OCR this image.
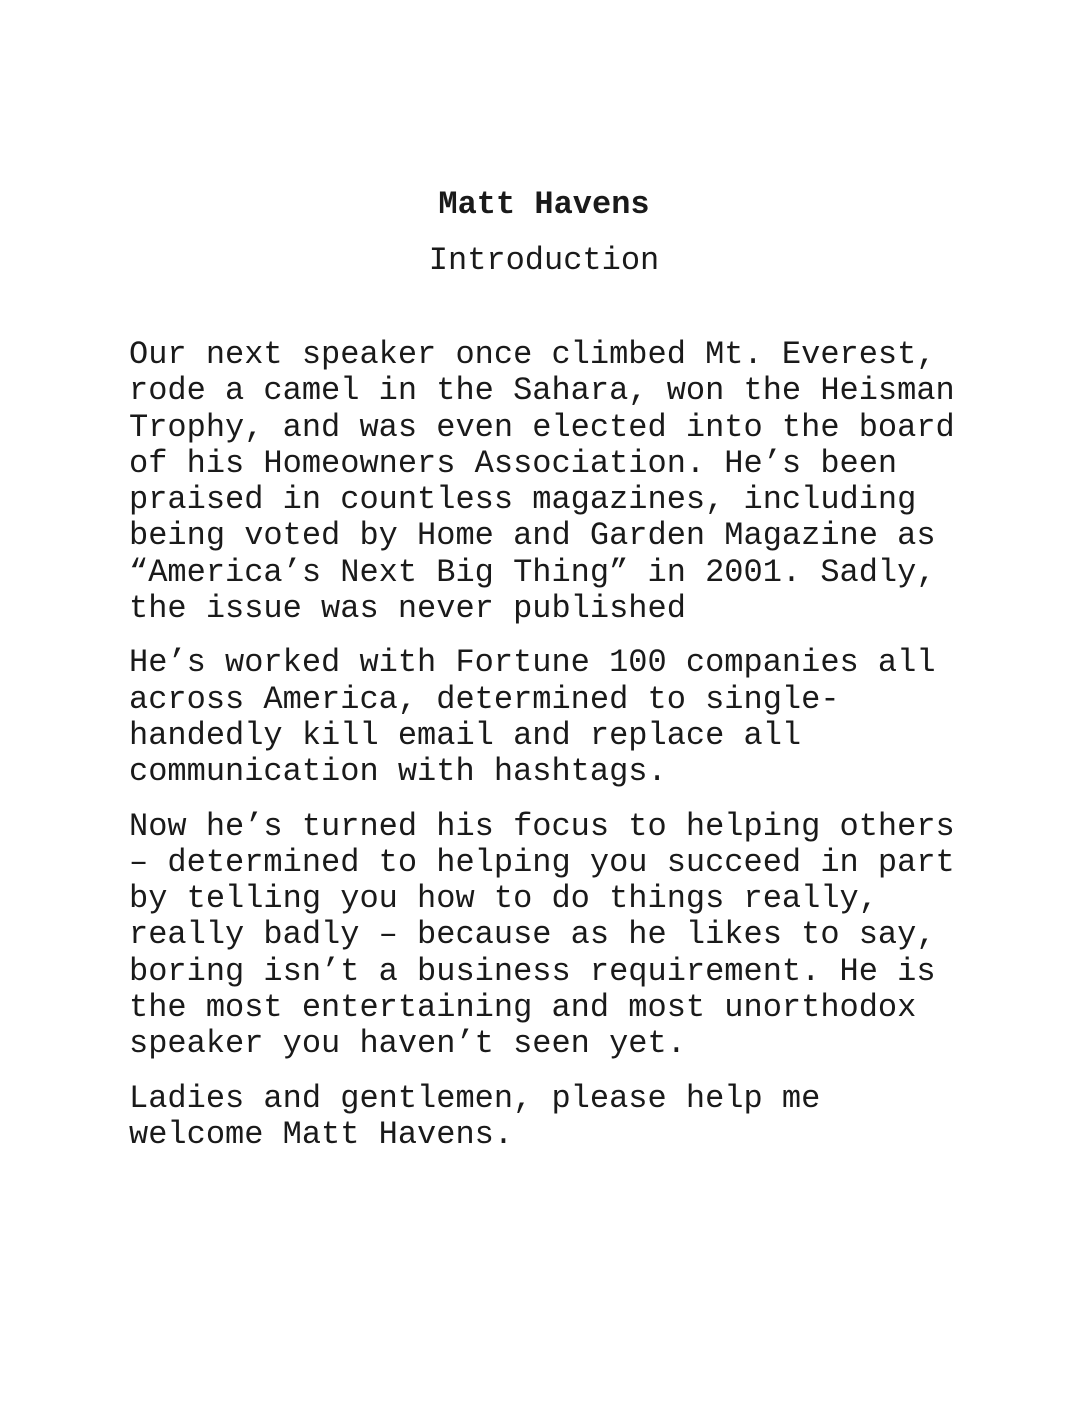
Matt Havens
Introduction

Our next speaker once climbed Mt. Everest,
rode a camel in the Sahara, won the Heisman
Trophy, and was even elected into the board
of his Homeowners Association. He’s been
praised in countless magazines, including
being voted by Home and Garden Magazine as
“America’s Next Big Thing” in 2001. Sadly,
the issue was never published

He’s worked with Fortune 100 companies all
across America, determined to single-
handedly kill email and replace all
communication with hashtags.

Now he’s turned his focus to helping others
– determined to helping you succeed in part
by telling you how to do things really,
really badly – because as he likes to say,
boring isn’t a business requirement. He is
the most entertaining and most unorthodox
speaker you haven’t seen yet.

Ladies and gentlemen, please help me
welcome Matt Havens.
